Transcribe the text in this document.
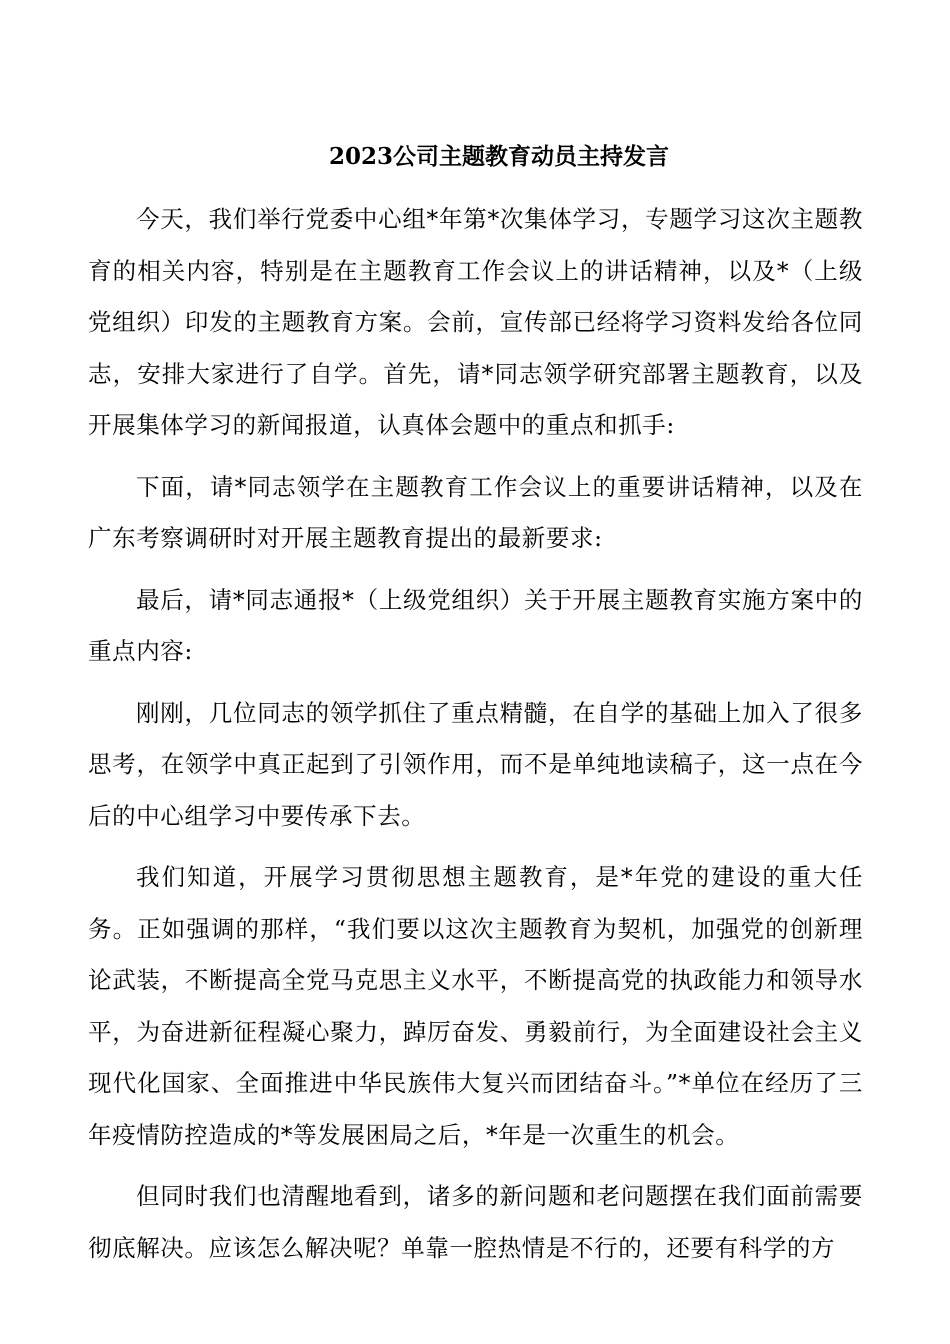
2023公司主题教育动员主持发言

今天，我们举行党委中心组*年第*次集体学习，专题学习这次主题教育的相关内容，特别是在主题教育工作会议上的讲话精神，以及*（上级党组织）印发的主题教育方案。会前，宣传部已经将学习资料发给各位同志，安排大家进行了自学。首先，请*同志领学研究部署主题教育，以及开展集体学习的新闻报道，认真体会题中的重点和抓手:

下面，请*同志领学在主题教育工作会议上的重要讲话精神，以及在广东考察调研时对开展主题教育提出的最新要求:

最后，请*同志通报*（上级党组织）关于开展主题教育实施方案中的重点内容:

刚刚，几位同志的领学抓住了重点精髓，在自学的基础上加入了很多思考，在领学中真正起到了引领作用，而不是单纯地读稿子，这一点在今后的中心组学习中要传承下去。

我们知道，开展学习贯彻思想主题教育，是*年党的建设的重大任务。正如强调的那样，“我们要以这次主题教育为契机，加强党的创新理论武装，不断提高全党马克思主义水平，不断提高党的执政能力和领导水平，为奋进新征程凝心聚力，踔厉奋发、勇毅前行，为全面建设社会主义现代化国家、全面推进中华民族伟大复兴而团结奋斗。”*单位在经历了三年疫情防控造成的*等发展困局之后，*年是一次重生的机会。

但同时我们也清醒地看到，诸多的新问题和老问题摆在我们面前需要彻底解决。应该怎么解决呢？单靠一腔热情是不行的，还要有科学的方
